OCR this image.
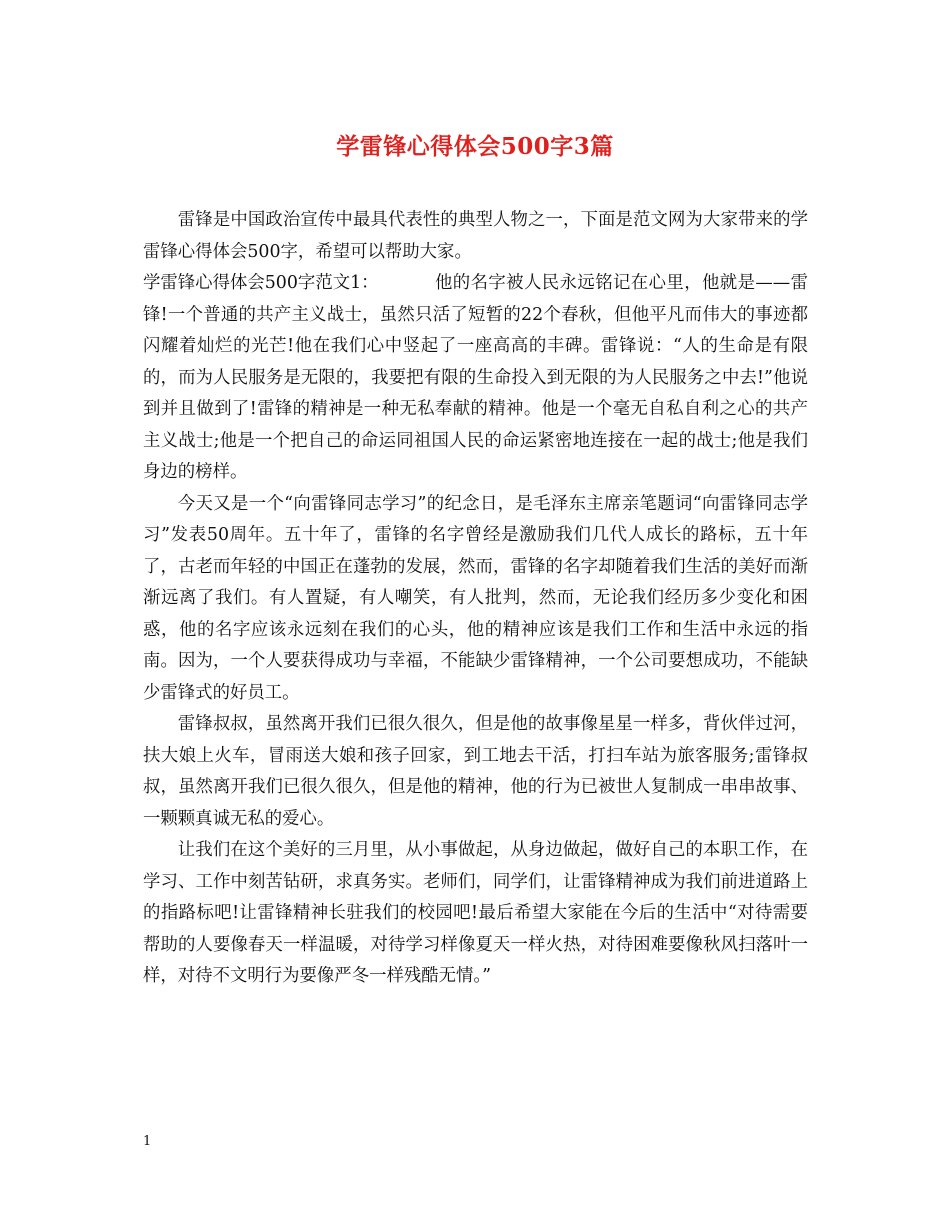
学雷锋心得体会500字3篇

雷锋是中国政治宣传中最具代表性的典型人物之一，下面是范文网为大家带来的学雷锋心得体会500字，希望可以帮助大家。

学雷锋心得体会500字范文1：	他的名字被人民永远铭记在心里，他就是——雷锋!一个普通的共产主义战士，虽然只活了短暂的22个春秋，但他平凡而伟大的事迹都闪耀着灿烂的光芒!他在我们心中竖起了一座高高的丰碑。雷锋说：“人的生命是有限的，而为人民服务是无限的，我要把有限的生命投入到无限的为人民服务之中去!”他说到并且做到了!雷锋的精神是一种无私奉献的精神。他是一个毫无自私自利之心的共产主义战士;他是一个把自己的命运同祖国人民的命运紧密地连接在一起的战士;他是我们身边的榜样。

今天又是一个“向雷锋同志学习”的纪念日，是毛泽东主席亲笔题词“向雷锋同志学习”发表50周年。五十年了，雷锋的名字曾经是激励我们几代人成长的路标，五十年了，古老而年轻的中国正在蓬勃的发展，然而，雷锋的名字却随着我们生活的美好而渐渐远离了我们。有人置疑，有人嘲笑，有人批判，然而，无论我们经历多少变化和困惑，他的名字应该永远刻在我们的心头，他的精神应该是我们工作和生活中永远的指南。因为，一个人要获得成功与幸福，不能缺少雷锋精神，一个公司要想成功，不能缺少雷锋式的好员工。

雷锋叔叔，虽然离开我们已很久很久，但是他的故事像星星一样多，背伙伴过河，扶大娘上火车，冒雨送大娘和孩子回家，到工地去干活，打扫车站为旅客服务;雷锋叔叔，虽然离开我们已很久很久，但是他的精神，他的行为已被世人复制成一串串故事、一颗颗真诚无私的爱心。

让我们在这个美好的三月里，从小事做起，从身边做起，做好自己的本职工作，在学习、工作中刻苦钻研，求真务实。老师们，同学们，让雷锋精神成为我们前进道路上的指路标吧!让雷锋精神长驻我们的校园吧!最后希望大家能在今后的生活中“对待需要帮助的人要像春天一样温暖，对待学习样像夏天一样火热，对待困难要像秋风扫落叶一样，对待不文明行为要像严冬一样残酷无情。”

1
